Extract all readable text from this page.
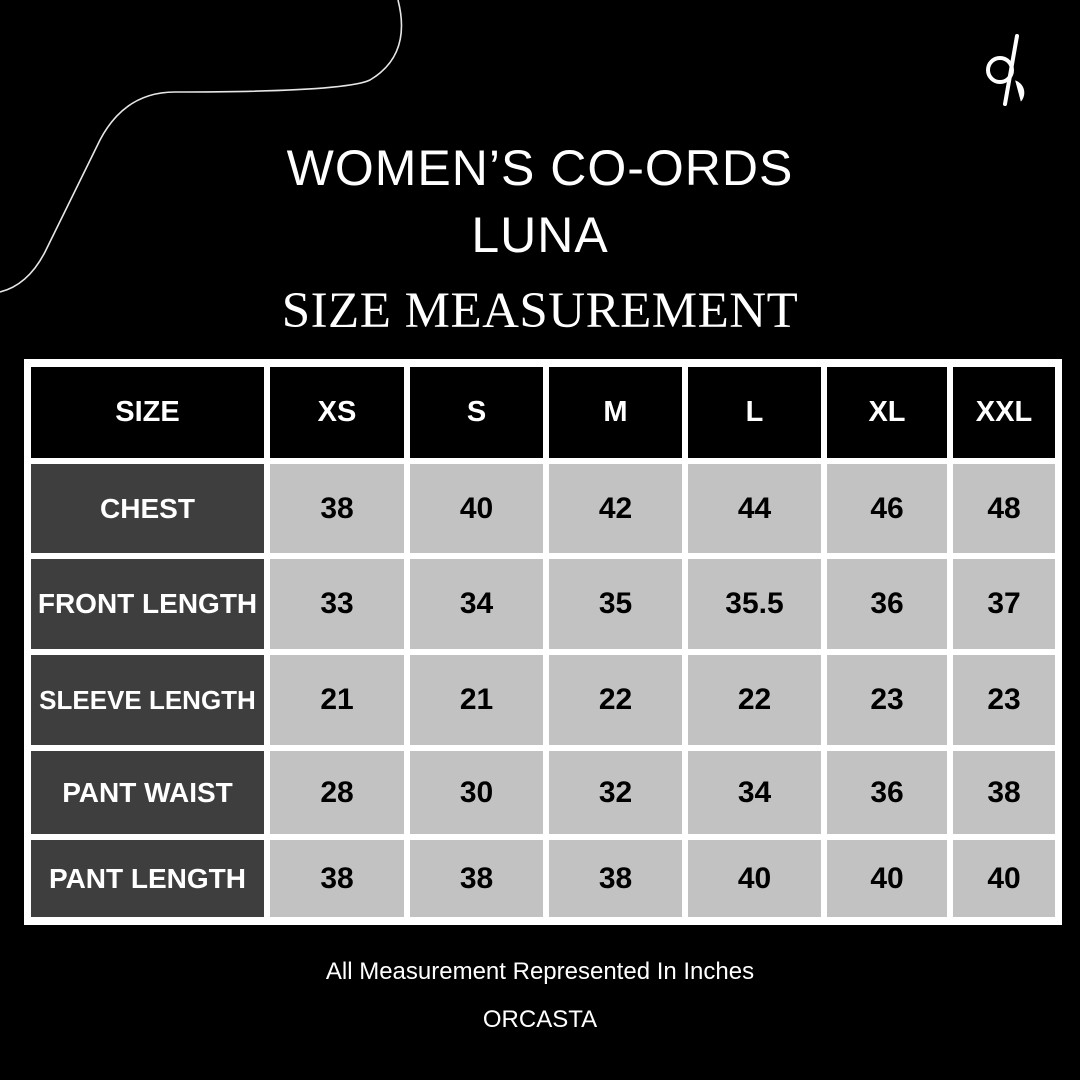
WOMEN’S CO-ORDS
LUNA
SIZE MEASUREMENT
SIZE	XS	S	M	L	XL	XXL
CHEST	38	40	42	44	46	48
FRONT LENGTH	33	34	35	35.5	36	37
SLEEVE LENGTH	21	21	22	22	23	23
PANT WAIST	28	30	32	34	36	38
PANT LENGTH	38	38	38	40	40	40
All Measurement Represented In Inches
ORCASTA
